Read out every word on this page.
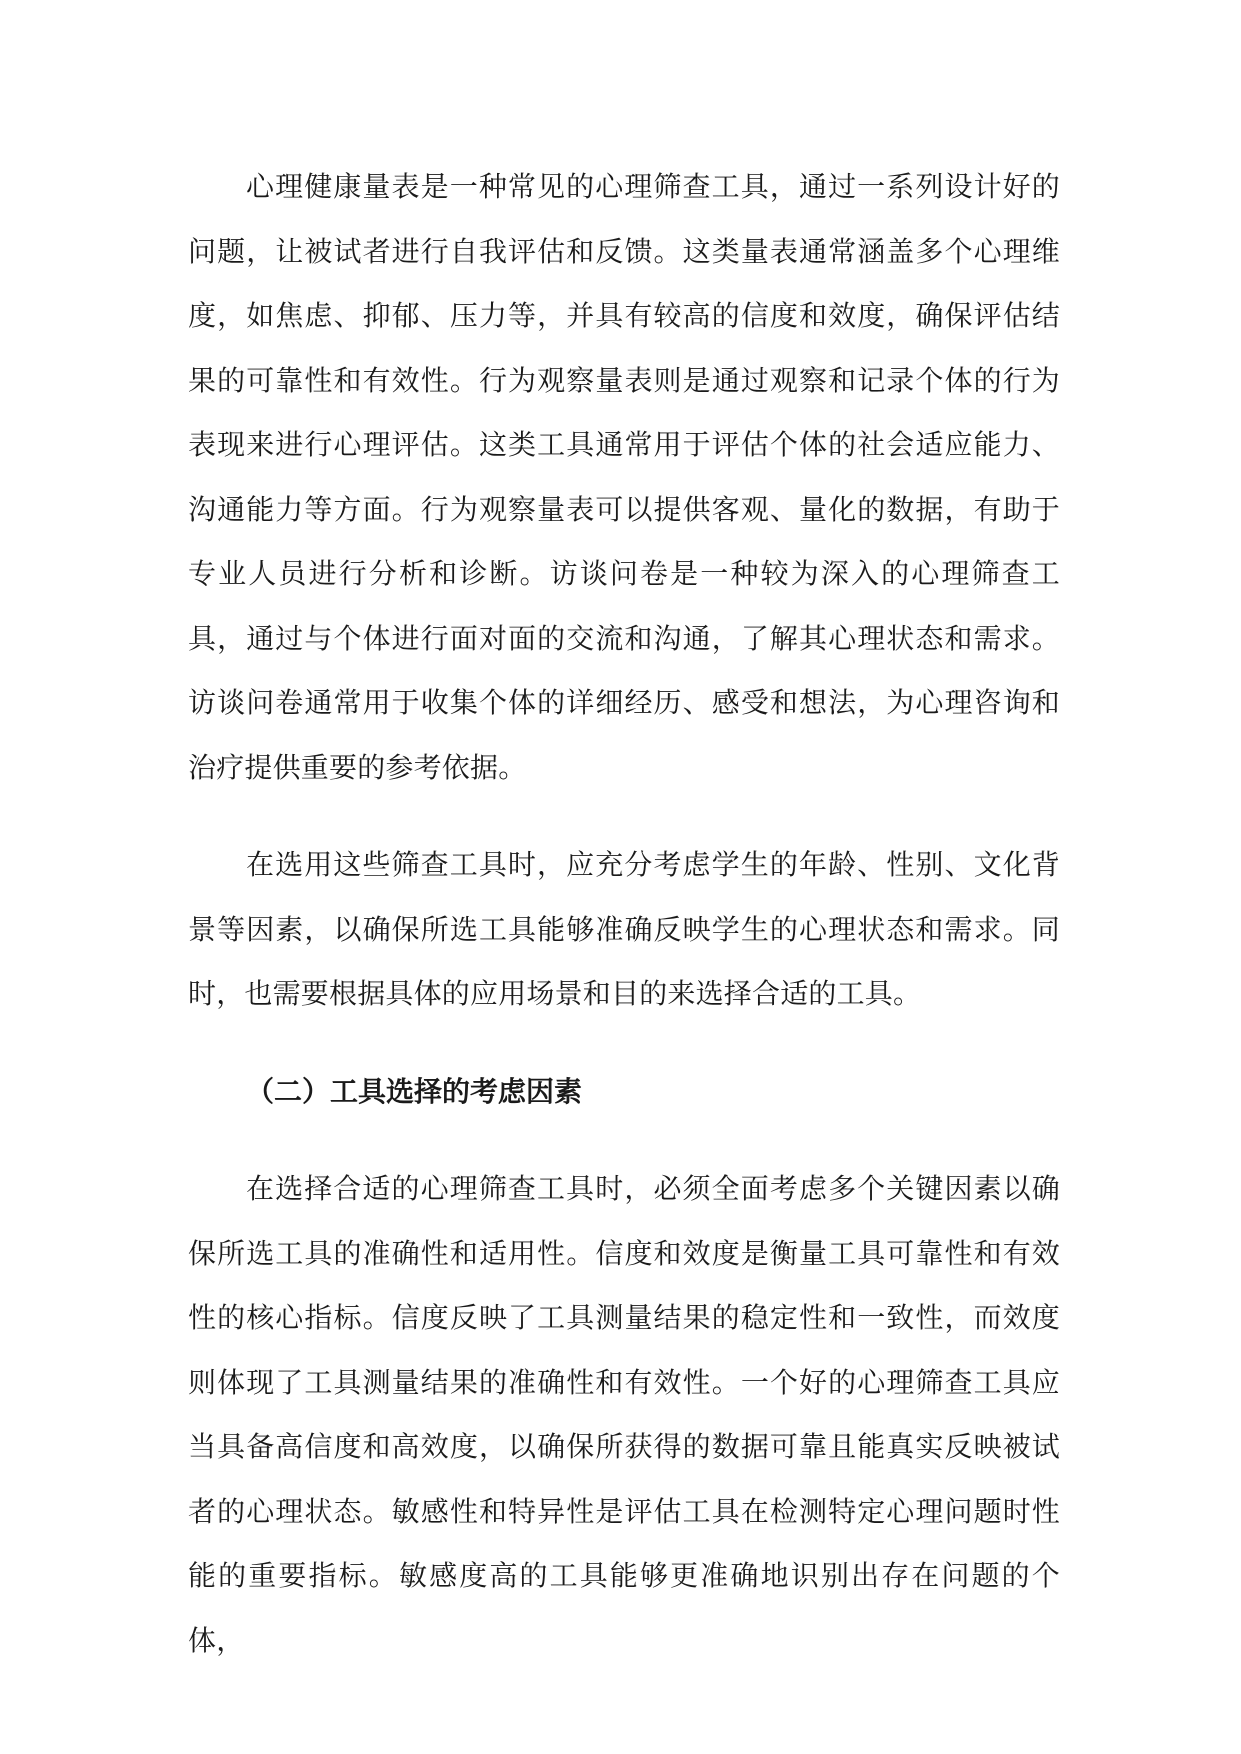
心理健康量表是一种常见的心理筛查工具，通过一系列设计好的问题，让被试者进行自我评估和反馈。这类量表通常涵盖多个心理维度，如焦虑、抑郁、压力等，并具有较高的信度和效度，确保评估结果的可靠性和有效性。行为观察量表则是通过观察和记录个体的行为表现来进行心理评估。这类工具通常用于评估个体的社会适应能力、沟通能力等方面。行为观察量表可以提供客观、量化的数据，有助于专业人员进行分析和诊断。访谈问卷是一种较为深入的心理筛查工具，通过与个体进行面对面的交流和沟通，了解其心理状态和需求。访谈问卷通常用于收集个体的详细经历、感受和想法，为心理咨询和治疗提供重要的参考依据。

在选用这些筛查工具时，应充分考虑学生的年龄、性别、文化背景等因素，以确保所选工具能够准确反映学生的心理状态和需求。同时，也需要根据具体的应用场景和目的来选择合适的工具。

（二）工具选择的考虑因素

在选择合适的心理筛查工具时，必须全面考虑多个关键因素以确保所选工具的准确性和适用性。信度和效度是衡量工具可靠性和有效性的核心指标。信度反映了工具测量结果的稳定性和一致性，而效度则体现了工具测量结果的准确性和有效性。一个好的心理筛查工具应当具备高信度和高效度，以确保所获得的数据可靠且能真实反映被试者的心理状态。敏感性和特异性是评估工具在检测特定心理问题时性能的重要指标。敏感度高的工具能够更准确地识别出存在问题的个体，
